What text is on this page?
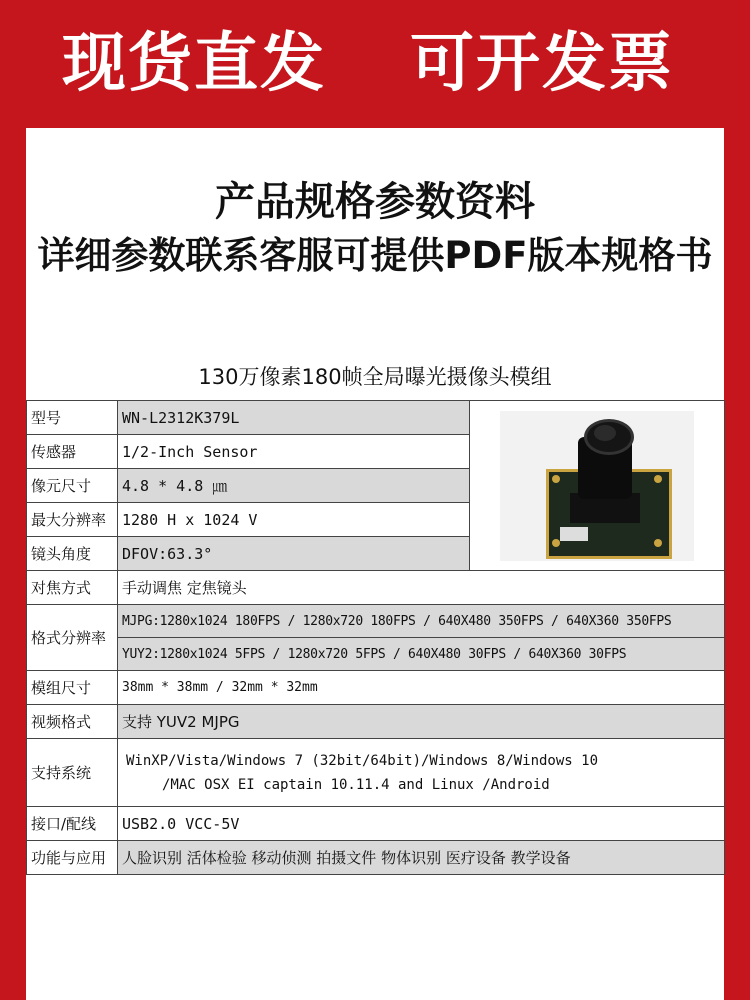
现货直发 可开发票
产品规格参数资料
详细参数联系客服可提供PDF版本规格书
130万像素180帧全局曝光摄像头模组
型号	WN-L2312K379L	

传感器	1/2-Inch Sensor	
像元尺寸	4.8 * 4.8 ㎛	
最大分辨率	1280 H x 1024 V	
镜头角度	DFOV:63.3°	
对焦方式	手动调焦 定焦镜头	
格式分辨率	MJPG:1280x1024 180FPS / 1280x720 180FPS / 640X480 350FPS / 640X360 350FPS	
	YUY2:1280x1024 5FPS / 1280x720 5FPS / 640X480 30FPS / 640X360 30FPS	
模组尺寸	38mm * 38mm / 32mm * 32mm	
视频格式	支持 YUV2 MJPG	
支持系统	WinXP/Vista/Windows 7 (32bit/64bit)/Windows 8/Windows 10
/MAC OSX EI captain 10.11.4 and Linux /Android	

接口/配线	USB2.0 VCC-5V	
功能与应用	人脸识别 活体检验 移动侦测 拍摄文件 物体识别 医疗设备 教学设备	
